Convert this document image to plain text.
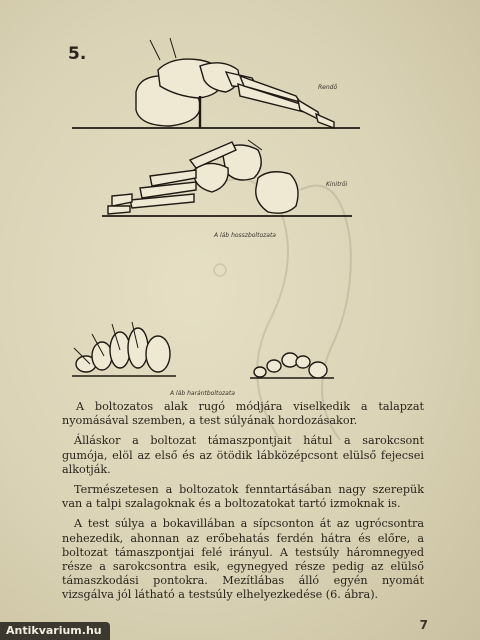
5.
Rendő
Kinitrői
A láb hosszboltozata
A láb harántboltozata

A boltozatos alak rugó módjára viselkedik a talapzat nyomásával szemben, a test súlyának hordozásakor.

Álláskor a boltozat támaszpontjait hátul a sarokcsont gumója, elöl az első és az ötödik lábközépcsont elülső fejecsei alkotják.

Természetesen a boltozatok fenntartásában nagy szerepük van a talpi szalagoknak és a boltozatokat tartó izmoknak is.

A test súlya a bokavillában a sípcsonton át az ugrócsontra nehezedik, ahonnan az erőbehatás ferdén hátra és előre, a boltozat támaszpontjai felé irányul. A testsúly háromnegyed része a sarokcsontra esik, egynegyed része pedig az elülső támaszkodási pontokra. Mezítlábas álló egyén nyomát vizsgálva jól látható a testsúly elhelyezkedése (6. ábra).

7
Antikvarium.hu
